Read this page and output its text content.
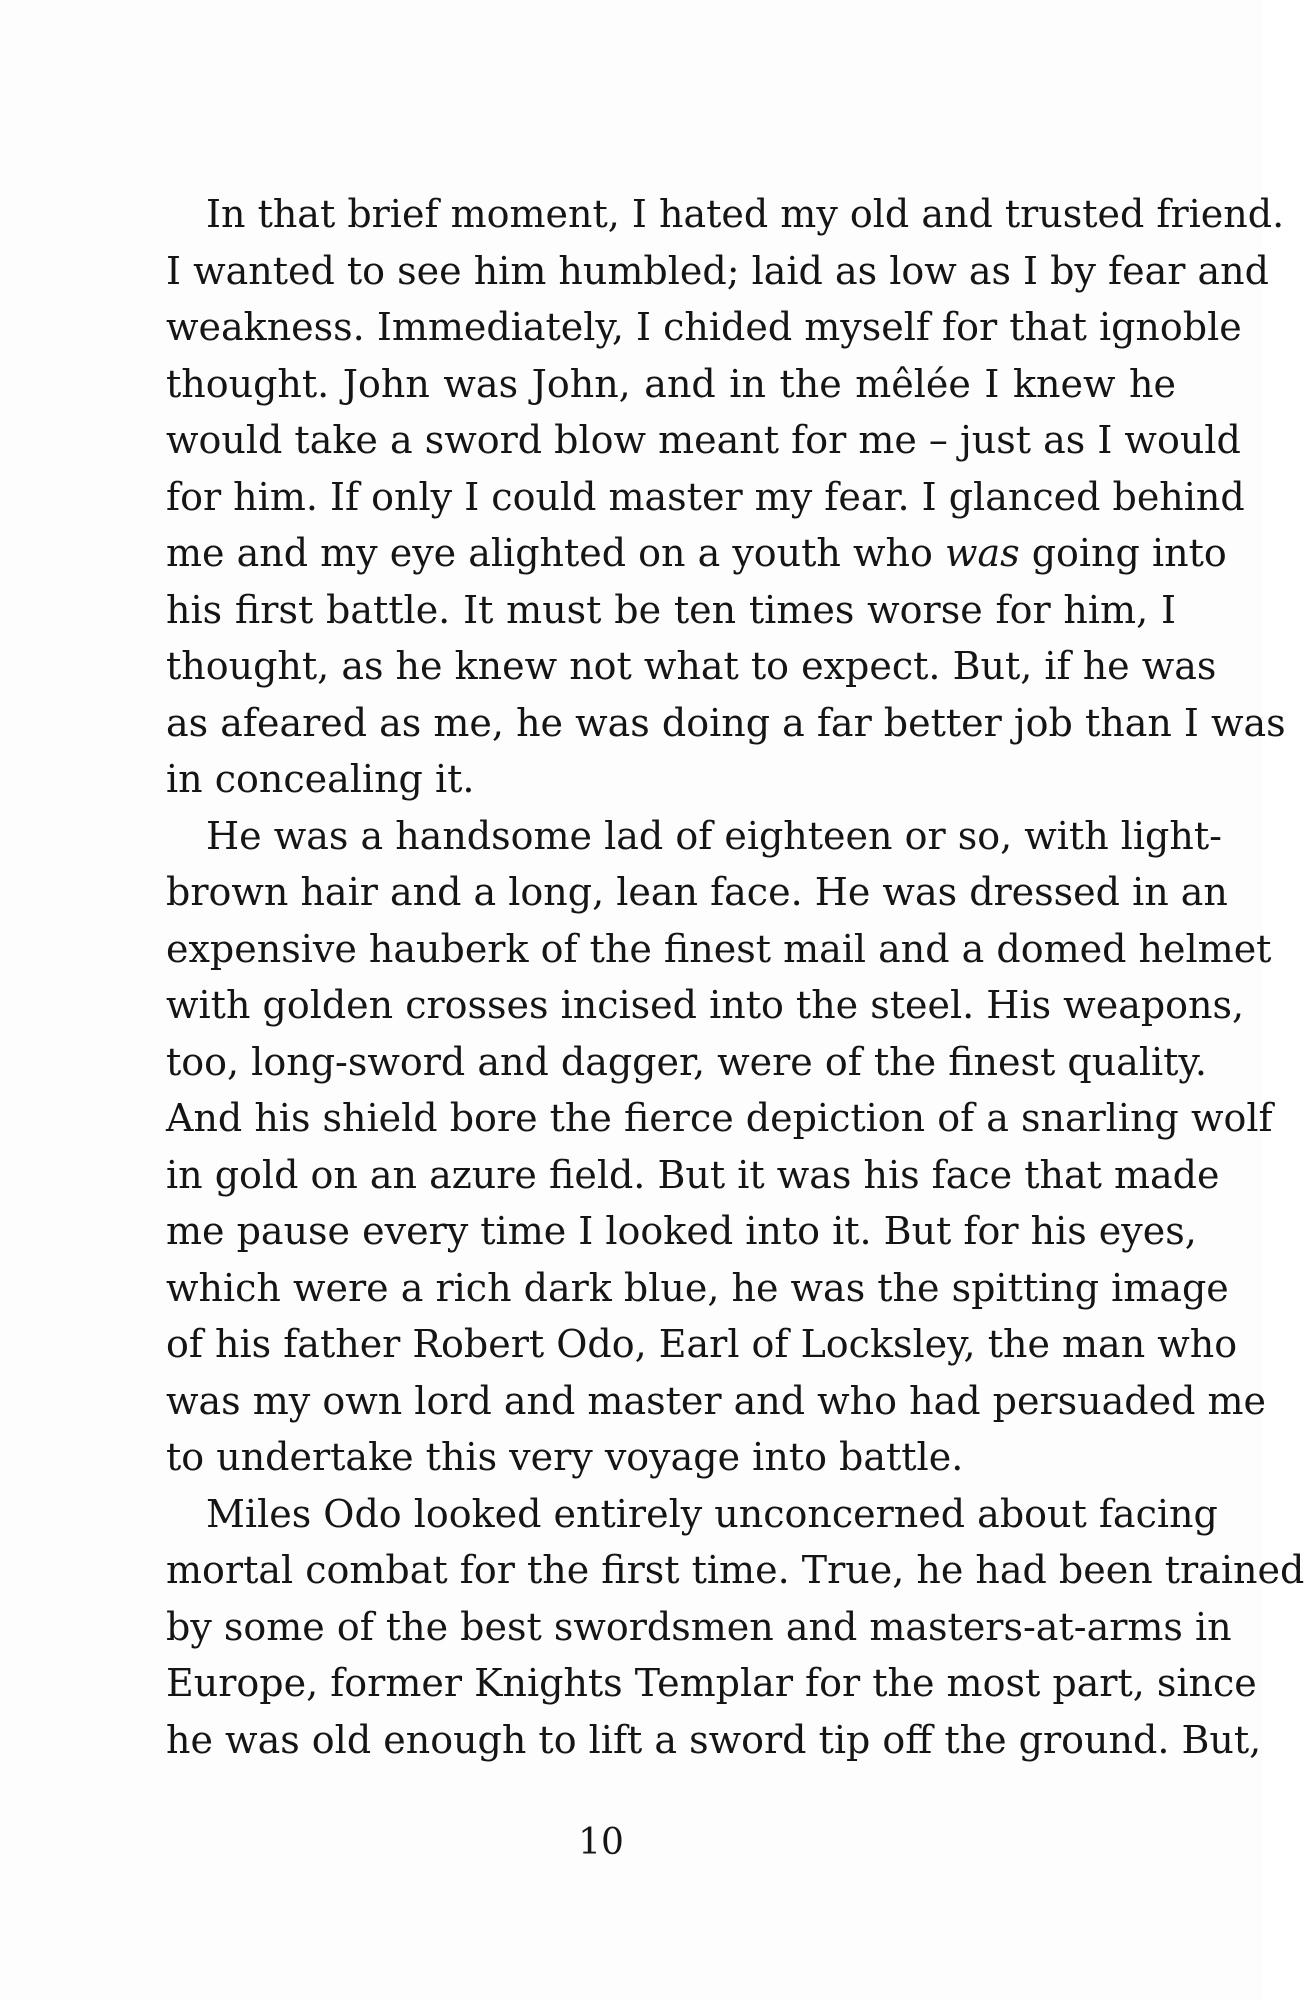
In that brief moment, I hated my old and trusted friend.
I wanted to see him humbled; laid as low as I by fear and
weakness. Immediately, I chided myself for that ignoble
thought. John was John, and in the mêlée I knew he
would take a sword blow meant for me – just as I would
for him. If only I could master my fear. I glanced behind
me and my eye alighted on a youth who was going into
his first battle. It must be ten times worse for him, I
thought, as he knew not what to expect. But, if he was
as afeared as me, he was doing a far better job than I was
in concealing it.
He was a handsome lad of eighteen or so, with light-
brown hair and a long, lean face. He was dressed in an
expensive hauberk of the finest mail and a domed helmet
with golden crosses incised into the steel. His weapons,
too, long-sword and dagger, were of the finest quality.
And his shield bore the fierce depiction of a snarling wolf
in gold on an azure field. But it was his face that made
me pause every time I looked into it. But for his eyes,
which were a rich dark blue, he was the spitting image
of his father Robert Odo, Earl of Locksley, the man who
was my own lord and master and who had persuaded me
to undertake this very voyage into battle.
Miles Odo looked entirely unconcerned about facing
mortal combat for the first time. True, he had been trained
by some of the best swordsmen and masters-at-arms in
Europe, former Knights Templar for the most part, since
he was old enough to lift a sword tip off the ground. But,
10
